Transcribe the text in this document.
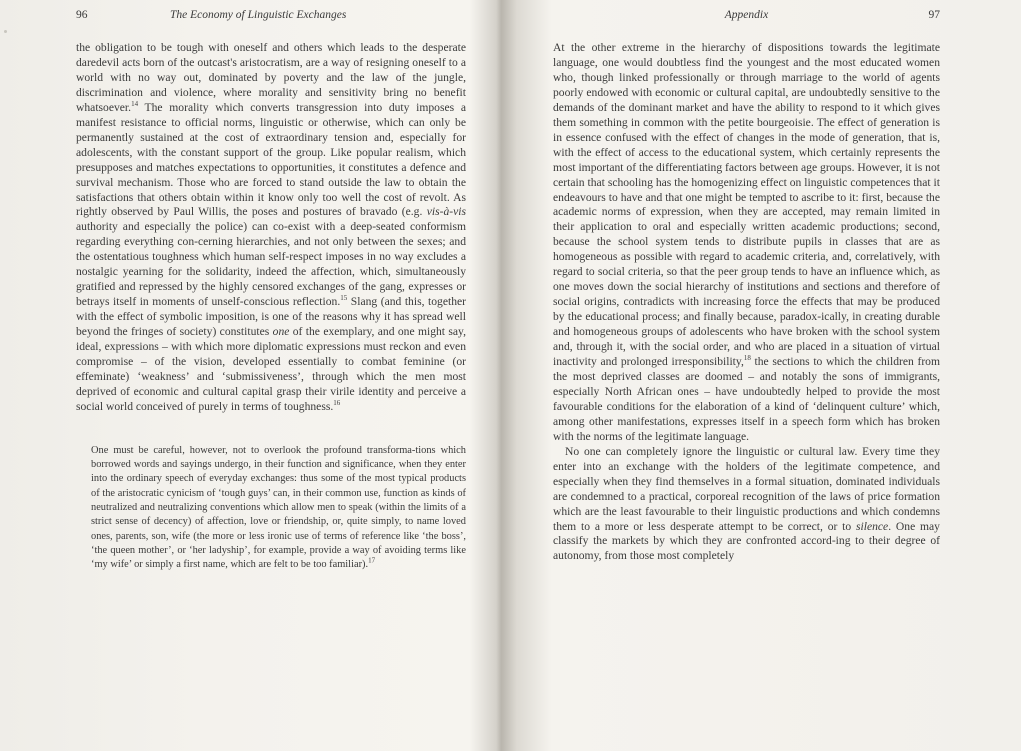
96	The Economy of Linguistic Exchanges

the obligation to be tough with oneself and others which leads to the desperate daredevil acts born of the outcast's aristocratism, are a way of resigning oneself to a world with no way out, dominated by poverty and the law of the jungle, discrimination and violence, where morality and sensitivity bring no benefit whatsoever.$^{14}$ The morality which converts transgression into duty imposes a manifest resistance to official norms, linguistic or otherwise, which can only be permanently sustained at the cost of extraordinary tension and, especially for adolescents, with the constant support of the group. Like popular realism, which presupposes and matches expectations to opportunities, it constitutes a defence and survival mechanism. Those who are forced to stand outside the law to obtain the satisfactions that others obtain within it know only too well the cost of revolt. As rightly observed by Paul Willis, the poses and postures of bravado (e.g. vis-à-vis authority and especially the police) can co-exist with a deep-seated conformism regarding everything con-cerning hierarchies, and not only between the sexes; and the ostentatious toughness which human self-respect imposes in no way excludes a nostalgic yearning for the solidarity, indeed the affection, which, simultaneously gratified and repressed by the highly censored exchanges of the gang, expresses or betrays itself in moments of unself-conscious reflection.$^{15}$ Slang (and this, together with the effect of symbolic imposition, is one of the reasons why it has spread well beyond the fringes of society) constitutes one of the exemplary, and one might say, ideal, expressions – with which more diplomatic expressions must reckon and even compromise – of the vision, developed essentially to combat feminine (or effeminate) ‘weakness’ and ‘submissiveness’, through which the men most deprived of economic and cultural capital grasp their virile identity and perceive a social world conceived of purely in terms of toughness.$^{16}$

One must be careful, however, not to overlook the profound transforma-tions which borrowed words and sayings undergo, in their function and significance, when they enter into the ordinary speech of everyday exchanges: thus some of the most typical products of the aristocratic cynicism of ‘tough guys’ can, in their common use, function as kinds of neutralized and neutralizing conventions which allow men to speak (within the limits of a strict sense of decency) of affection, love or friendship, or, quite simply, to name loved ones, parents, son, wife (the more or less ironic use of terms of reference like ‘the boss’, ‘the queen mother’, or ‘her ladyship’, for example, provide a way of avoiding terms like ‘my wife’ or simply a first name, which are felt to be too familiar).$^{17}$

Appendix	97

At the other extreme in the hierarchy of dispositions towards the legitimate language, one would doubtless find the youngest and the most educated women who, though linked professionally or through marriage to the world of agents poorly endowed with economic or cultural capital, are undoubtedly sensitive to the demands of the dominant market and have the ability to respond to it which gives them something in common with the petite bourgeoisie. The effect of generation is in essence confused with the effect of changes in the mode of generation, that is, with the effect of access to the educational system, which certainly represents the most important of the differentiating factors between age groups. However, it is not certain that schooling has the homogenizing effect on linguistic competences that it endeavours to have and that one might be tempted to ascribe to it: first, because the academic norms of expression, when they are accepted, may remain limited in their application to oral and especially written academic productions; second, because the school system tends to distribute pupils in classes that are as homogeneous as possible with regard to academic criteria, and, correlatively, with regard to social criteria, so that the peer group tends to have an influence which, as one moves down the social hierarchy of institutions and sections and therefore of social origins, contradicts with increasing force the effects that may be produced by the educational process; and finally because, paradox-ically, in creating durable and homogeneous groups of adolescents who have broken with the school system and, through it, with the social order, and who are placed in a situation of virtual inactivity and prolonged irresponsibility,$^{18}$ the sections to which the children from the most deprived classes are doomed – and notably the sons of immigrants, especially North African ones – have undoubtedly helped to provide the most favourable conditions for the elaboration of a kind of ‘delinquent culture’ which, among other manifestations, expresses itself in a speech form which has broken with the norms of the legitimate language.

No one can completely ignore the linguistic or cultural law. Every time they enter into an exchange with the holders of the legitimate competence, and especially when they find themselves in a formal situation, dominated individuals are condemned to a practical, corporeal recognition of the laws of price formation which are the least favourable to their linguistic productions and which condemns them to a more or less desperate attempt to be correct, or to silence. One may classify the markets by which they are confronted accord-ing to their degree of autonomy, from those most completely
